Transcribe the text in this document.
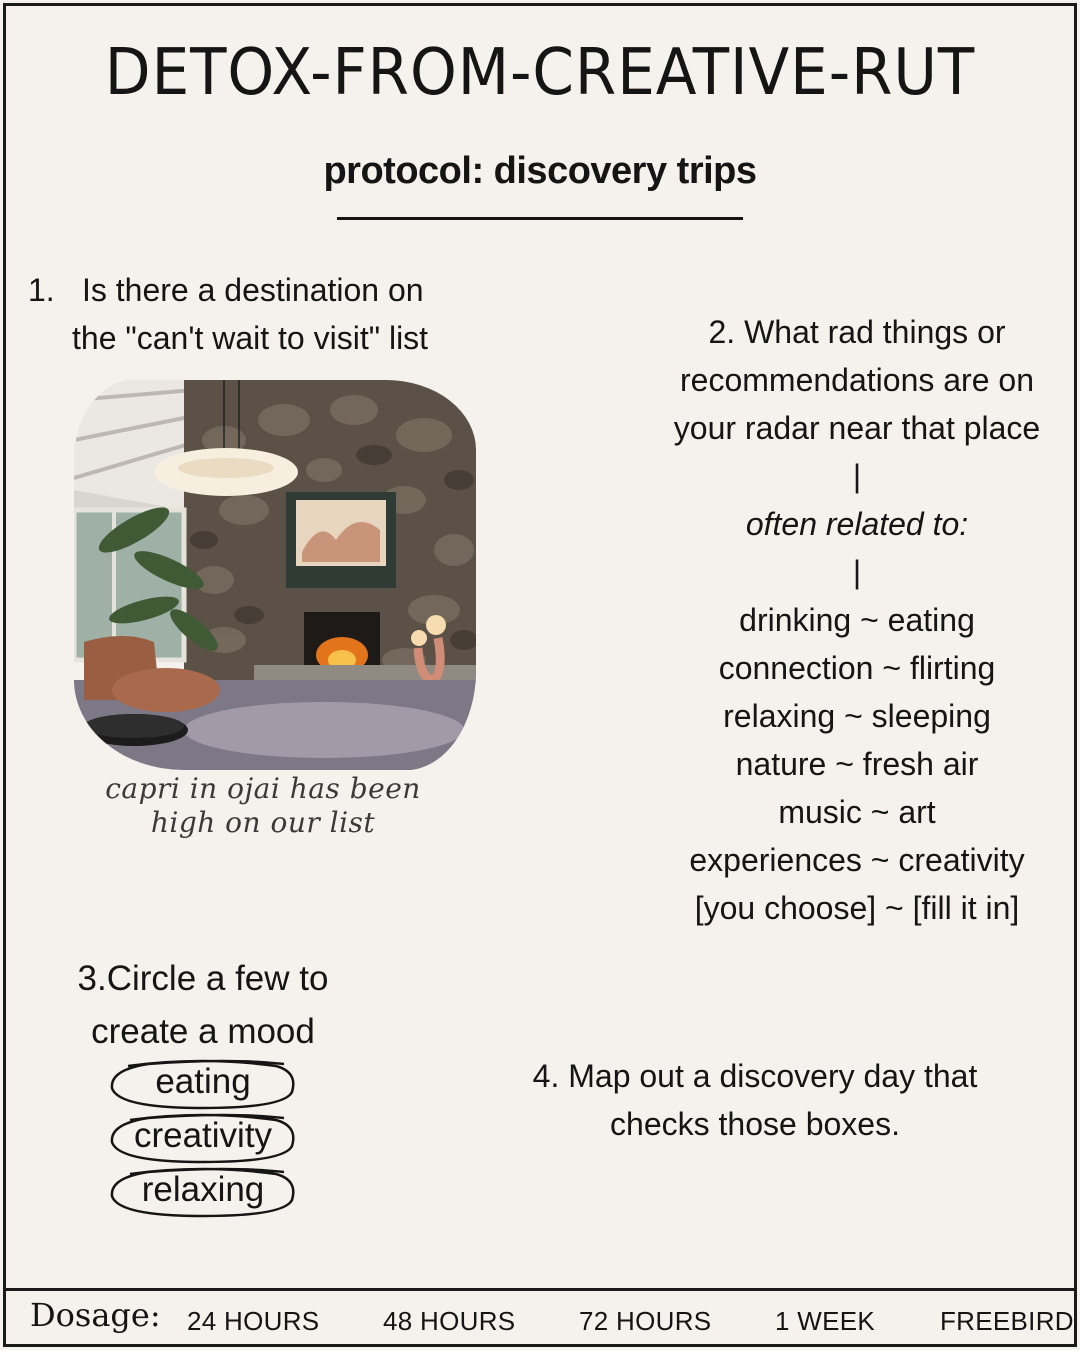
DETOX-FROM-CREATIVE-RUT
protocol: discovery trips
1. Is there a destination on
the "can't wait to visit" list
capri in ojai has been
high on our list
2. What rad things or
recommendations are on
your radar near that place
|
often related to:
|
drinking ~ eating
connection ~ flirting
relaxing ~ sleeping
nature ~ fresh air
music ~ art
experiences ~ creativity
[you choose] ~ [fill it in]
3.Circle a few to
create a mood
eating
creativity
relaxing
4. Map out a discovery day that
checks those boxes.
Dosage: 24 HOURS 48 HOURS 72 HOURS 1 WEEK FREEBIRD
